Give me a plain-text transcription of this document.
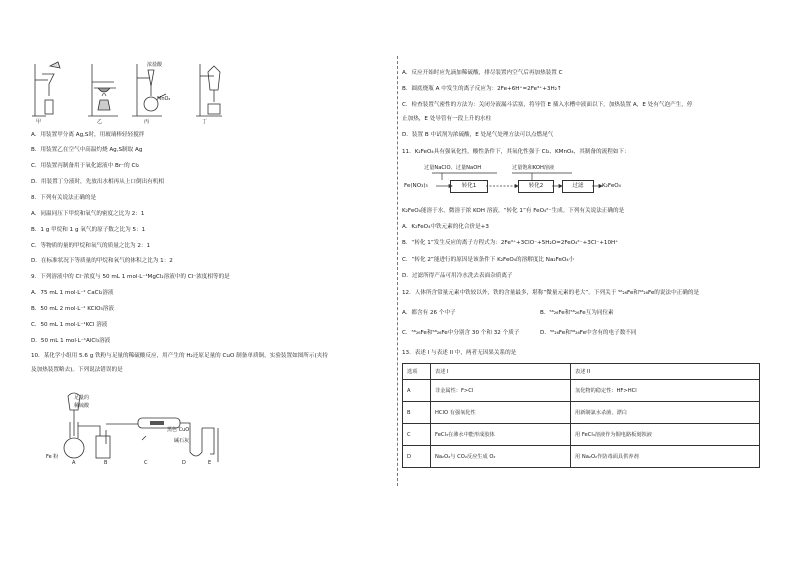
浓盐酸
MnO₂
甲	乙	丙	丁
A．用装置甲分离 Ag,S时，用玻璃棒轻轻搅拌
B．用装置乙在空气中高温灼烧 Ag,S制取 Ag
C．用装置丙制备用于氧化滤液中 Br⁻的 Cl₂
D．用装置丁分液时，先放出水相再从上口倒出有机相
8．下列有关说法正确的是
A．同温同压下甲烷和氧气的密度之比为 2：1
B．1 g 甲烷和 1 g 氧气的原子数之比为 5：1
C．等物质的量的甲烷和氧气的质量之比为 2：1
D．在标准状况下等质量的甲烷和氧气的体积之比为 1：2
9．下列溶液中的 Cl⁻浓度与 50 mL 1 mol·L⁻¹MgCl₂溶液中的 Cl⁻浓度相等的是
A．75 mL 1 mol·L⁻¹ CaCl₂溶液
B．50 mL 2 mol·L⁻¹ KClO₃溶液
C．50 mL 1 mol·L⁻¹KCl 溶液
D．50 mL 1 mol·L⁻¹AlCl₃溶液
10．某化学小组用 5.6 g 铁粉与足量的稀硫酸反应，用产生的 H₂还原足量的 CuO 制备单质铜，实验装置如图所示(夹持
及加热装置略去)。下列说法错误的是
足量的
稀硫酸
黑色 CuO
碱石灰
Fe 粉
A	B	C	D	E
A．反应开始时应先滴加稀硫酸，排尽装置内空气后再加热装置 C
B．圆底烧瓶 A 中发生的离子反应为：2Fe+6H⁺=2Fe³⁺+3H₂↑
C．检查装置气密性的方法为：关闭分液漏斗活塞，将导管 E 插入水槽中液面以下，加热装置 A，E 处有气泡产生，停
止加热，E 处导管有一段上升的水柱
D．装置 B 中试剂为浓硫酸，E 处尾气处理方法可以点燃尾气
11．K₂FeO₄具有强氧化性，酸性条件下，其氧化性强于 Cl₂、KMnO₄，其制备的流程如下：
过量NaClO、过量NaOH	过量饱和KOH溶液
Fe(NO₃)₃	转化1	转化2	过滤	K₂FeO₄
K₂FeO₄能溶于水，微溶于浓 KOH 溶液，“转化 1”有 FeO₄²⁻生成。下列有关说法正确的是
A．K₂FeO₄中铁元素的化合价是+3
B．“转化 1”发生反应的离子方程式为：2Fe³⁺+3ClO⁻+5H₂O=2FeO₄²⁻+3Cl⁻+10H⁺
C．“转化 2”能进行的原因是该条件下 K₂FeO₄的溶解度比 Na₂FeO₄小
D．过滤所得产品可用冷水洗去表面杂质离子
12．人体所含常量元素中铁较以外，铁的含量最多，堪称“微量元素的老大”。下列关于 ⁵⁶₂₆Fe和⁵⁸₂₆Fe的说法中正确的是
A．都含有 26 个中子	B．⁵⁶₂₆Fe和⁵⁸₂₆Fe互为同位素
C．⁵⁶₂₆Fe和⁵⁸₂₆Fe中分别含 30 个和 32 个质子	D．⁵⁶₂₆Fe和⁵⁸₂₆Fe中含有的电子数不同
13．表述 I 与表述 II 中，两者无因果关系的是
选项	表述 I	表述 II
A	非金属性：F>Cl	氢化物的稳定性：HF>HCl
B	HClO 有强氧化性	用新制氯水杀菌、漂白
C	FeCl₃在沸水中能形成胶体	用 FeCl₃溶液作为铜电路板刻蚀液
D	Na₂O₂与 CO₂反应生成 O₂	用 Na₂O₂作防毒面具供养剂
